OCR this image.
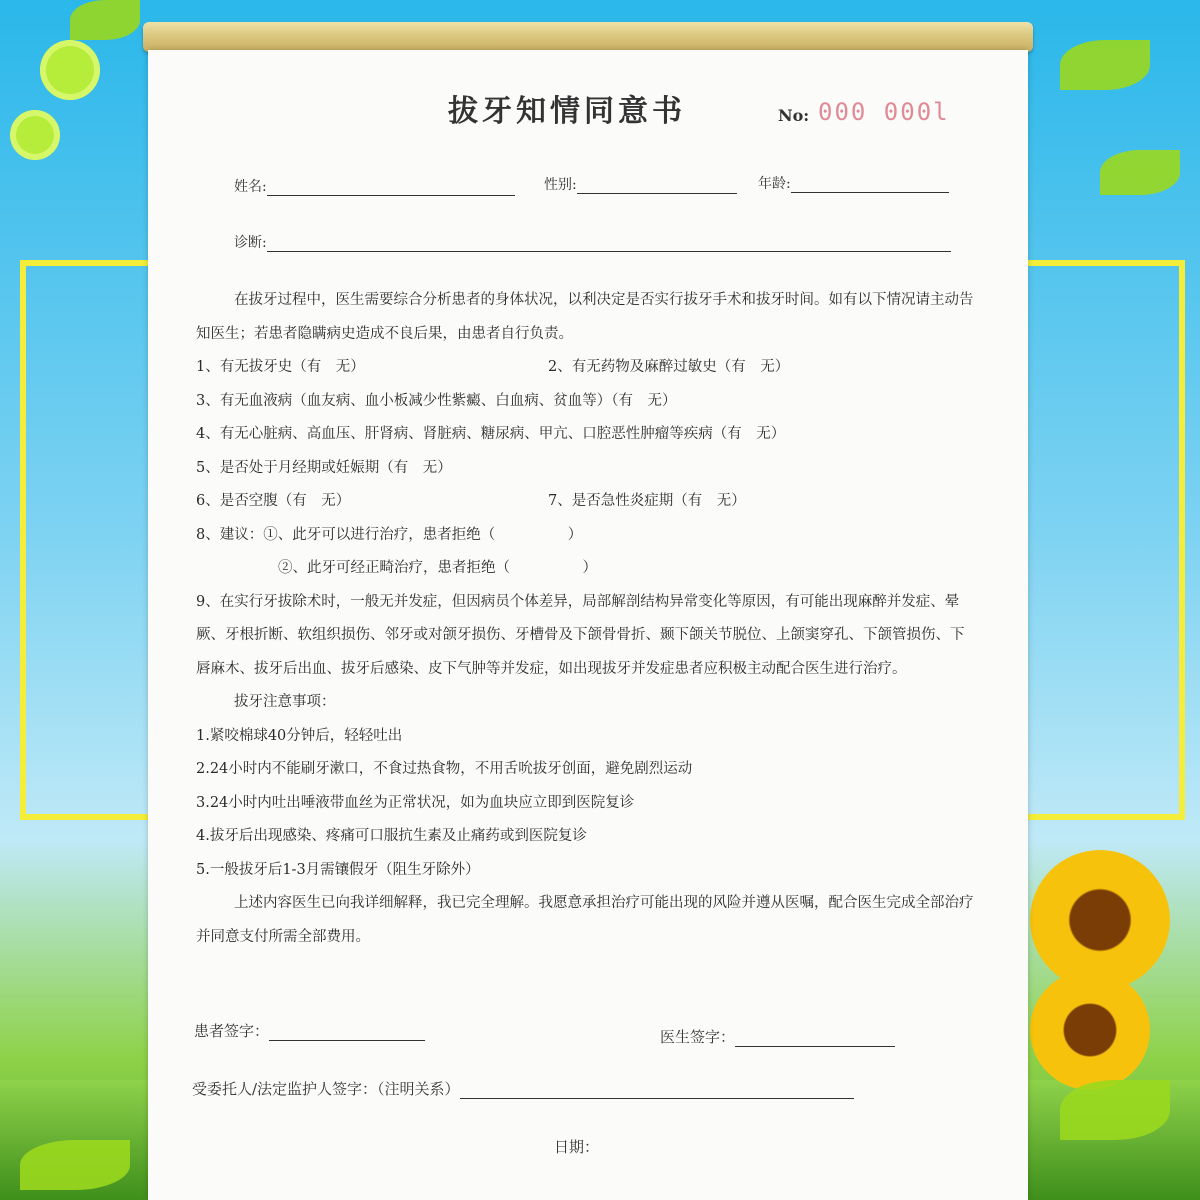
拔牙知情同意书	No: 000 000l
姓名:	性别:	年龄:
诊断:
在拔牙过程中，医生需要综合分析患者的身体状况，以利决定是否实行拔牙手术和拔牙时间。如有以下情况请主动告知医生；若患者隐瞒病史造成不良后果，由患者自行负责。
1、有无拔牙史（有　无）	2、有无药物及麻醉过敏史（有　无）
3、有无血液病（血友病、血小板减少性紫癜、白血病、贫血等）（有　无）
4、有无心脏病、高血压、肝肾病、肾脏病、糖尿病、甲亢、口腔恶性肿瘤等疾病（有　无）
5、是否处于月经期或妊娠期（有　无）
6、是否空腹（有　无）	7、是否急性炎症期（有　无）
8、建议：①、此牙可以进行治疗，患者拒绝（　　　　　）
②、此牙可经正畸治疗，患者拒绝（　　　　　）
9、在实行牙拔除术时，一般无并发症，但因病员个体差异，局部解剖结构异常变化等原因，有可能出现麻醉并发症、晕厥、牙根折断、软组织损伤、邻牙或对颌牙损伤、牙槽骨及下颌骨骨折、颞下颌关节脱位、上颌窦穿孔、下颌管损伤、下唇麻木、拔牙后出血、拔牙后感染、皮下气肿等并发症，如出现拔牙并发症患者应积极主动配合医生进行治疗。
拔牙注意事项：
1.紧咬棉球40分钟后，轻轻吐出
2.24小时内不能刷牙漱口，不食过热食物，不用舌吮拔牙创面，避免剧烈运动
3.24小时内吐出唾液带血丝为正常状况，如为血块应立即到医院复诊
4.拔牙后出现感染、疼痛可口服抗生素及止痛药或到医院复诊
5.一般拔牙后1-3月需镶假牙（阻生牙除外）
上述内容医生已向我详细解释，我已完全理解。我愿意承担治疗可能出现的风险并遵从医嘱，配合医生完成全部治疗并同意支付所需全部费用。
患者签字：	医生签字：
受委托人/法定监护人签字：（注明关系）
日期：
